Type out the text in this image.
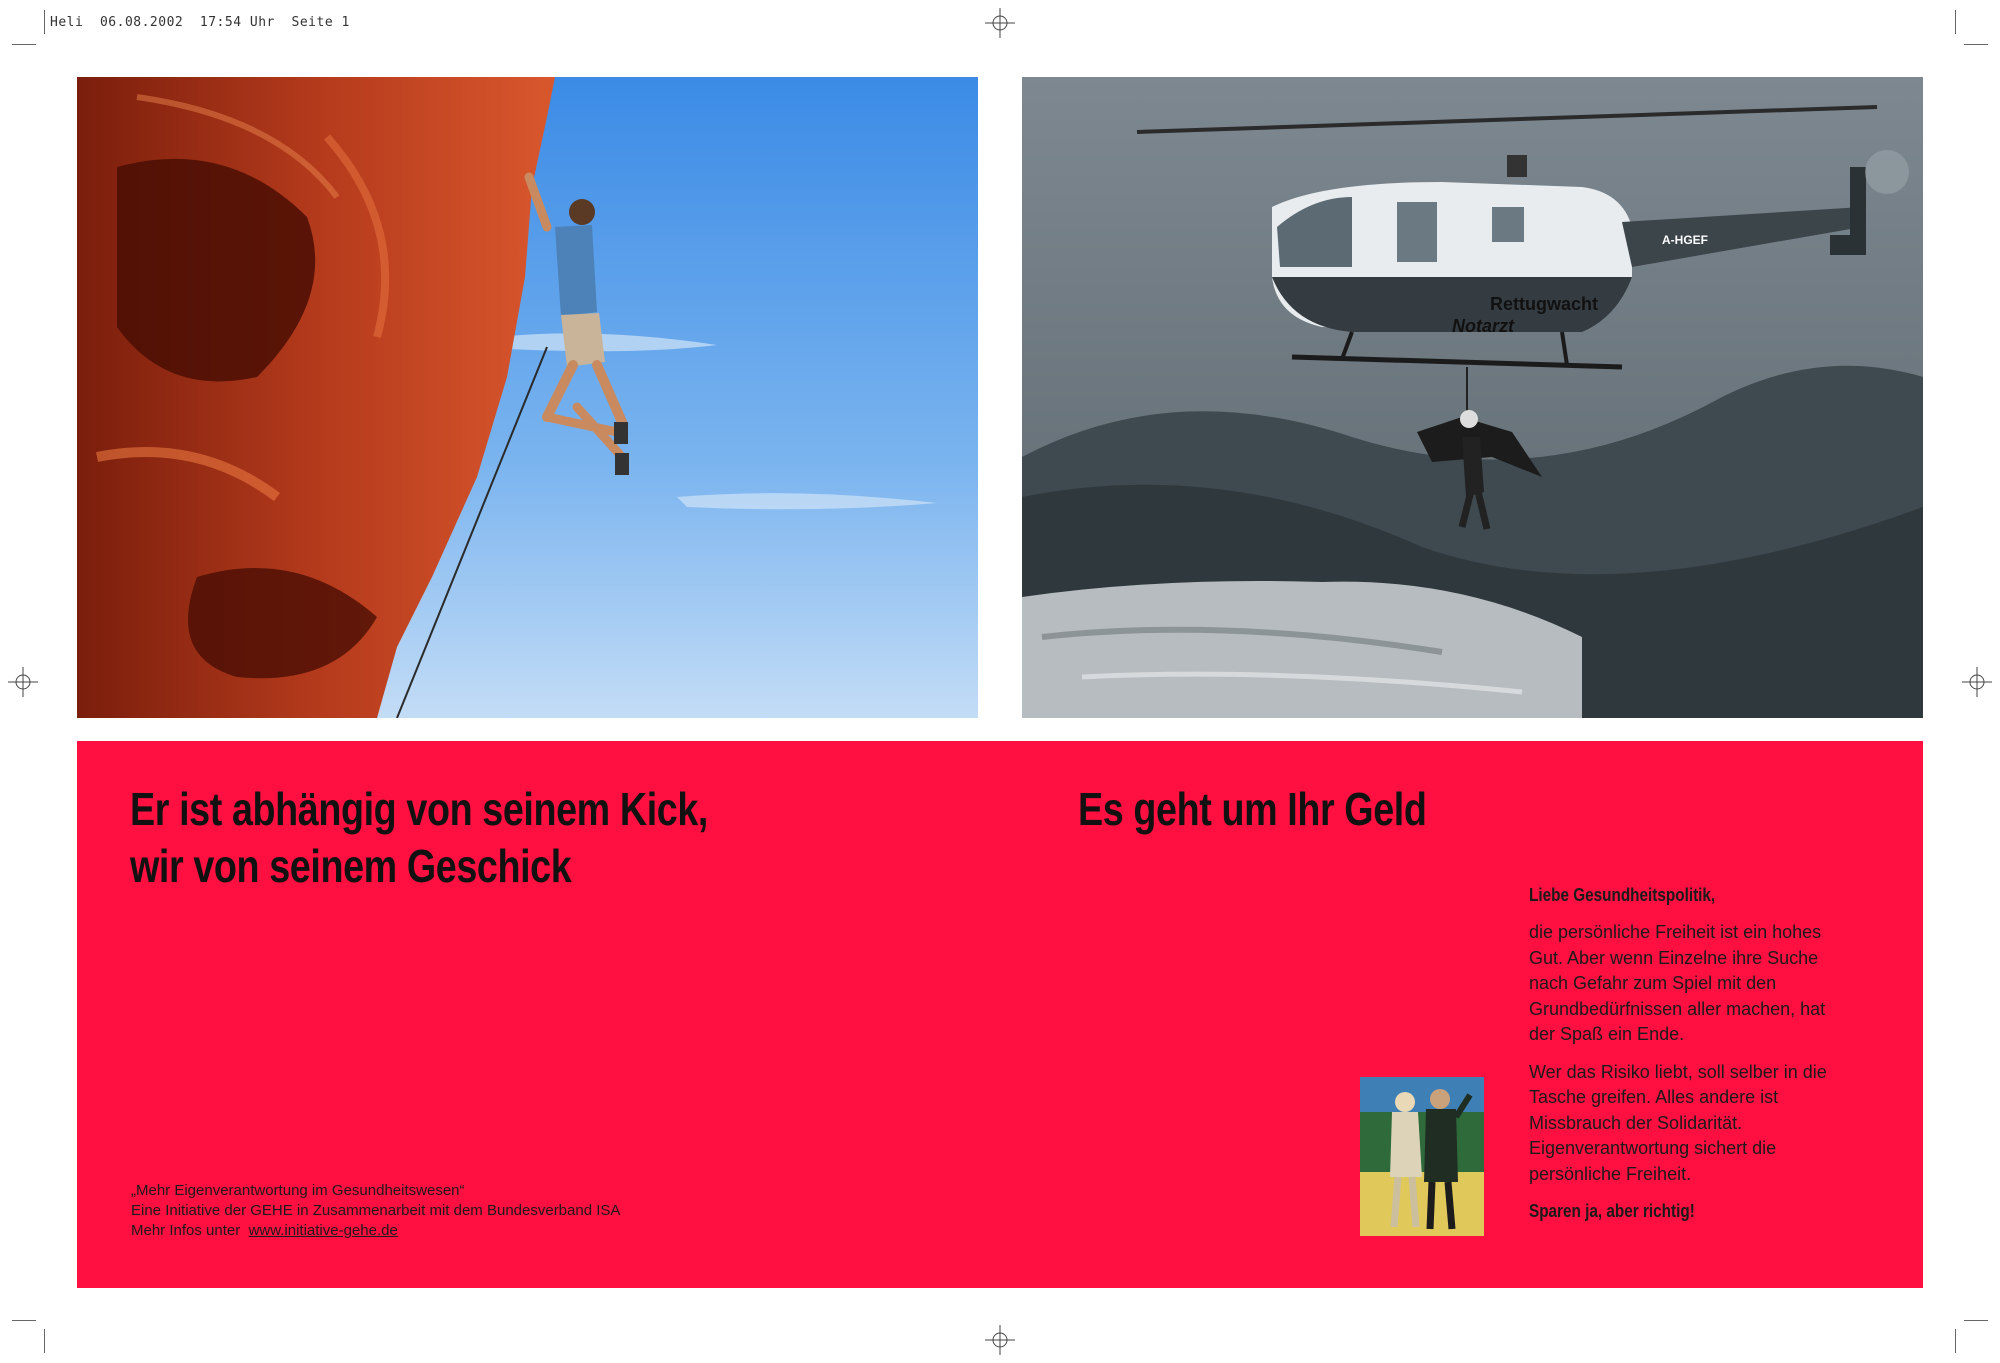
Heli 06.08.2002 17:54 Uhr Seite 1
Rettugwacht
Notarzt
A-HGEF
Er ist abhängig von seinem Kick,
wir von seinem Geschick
Es geht um Ihr Geld
Liebe Gesundheitspolitik,

die persönliche Freiheit ist ein hohes Gut. Aber wenn Einzelne ihre Suche nach Gefahr zum Spiel mit den Grundbedürfnissen aller machen, hat der Spaß ein Ende.

Wer das Risiko liebt, soll selber in die Tasche greifen. Alles andere ist Missbrauch der Solidarität. Eigenverantwortung sichert die persönliche Freiheit.

Sparen ja, aber richtig!
„Mehr Eigenverantwortung im Gesundheitswesen“
Eine Initiative der GEHE in Zusammenarbeit mit dem Bundesverband ISA
Mehr Infos unter www.initiative-gehe.de
